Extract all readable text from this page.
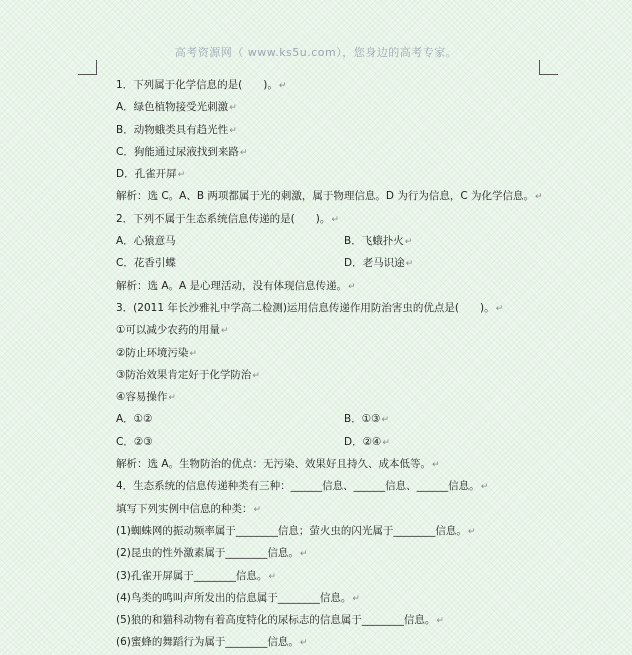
高考资源网（ www.ks5u.com），您身边的高考专家。
1．下列属于化学信息的是(　　)。↵
A．绿色植物接受光刺激↵
B．动物蛾类具有趋光性↵
C．狗能通过尿液找到来路↵
D．孔雀开屏↵
解析：选 C。A、B 两项都属于光的刺激，属于物理信息。D 为行为信息，C 为化学信息。↵
2．下列不属于生态系统信息传递的是(　　)。↵
A．心猿意马	B．飞蛾扑火↵
C．花香引蝶	D．老马识途↵
解析：选 A。A 是心理活动，没有体现信息传递。↵
3．(2011 年长沙雅礼中学高二检测)运用信息传递作用防治害虫的优点是(　　)。↵
①可以减少农药的用量↵
②防止环境污染↵
③防治效果肯定好于化学防治↵
④容易操作↵
A．①②	B．①③↵
C．②③	D．②④↵
解析：选 A。生物防治的优点：无污染、效果好且持久、成本低等。↵
4．生态系统的信息传递种类有三种：______信息、______信息、______信息。↵
填写下列实例中信息的种类：↵
(1)蜘蛛网的振动频率属于________信息；萤火虫的闪光属于________信息。↵
(2)昆虫的性外激素属于________信息。↵
(3)孔雀开屏属于________信息。↵
(4)鸟类的鸣叫声所发出的信息属于________信息。↵
(5)狼的和猫科动物有着高度特化的尿标志的信息属于________信息。↵
(6)蜜蜂的舞蹈行为属于________信息。↵
